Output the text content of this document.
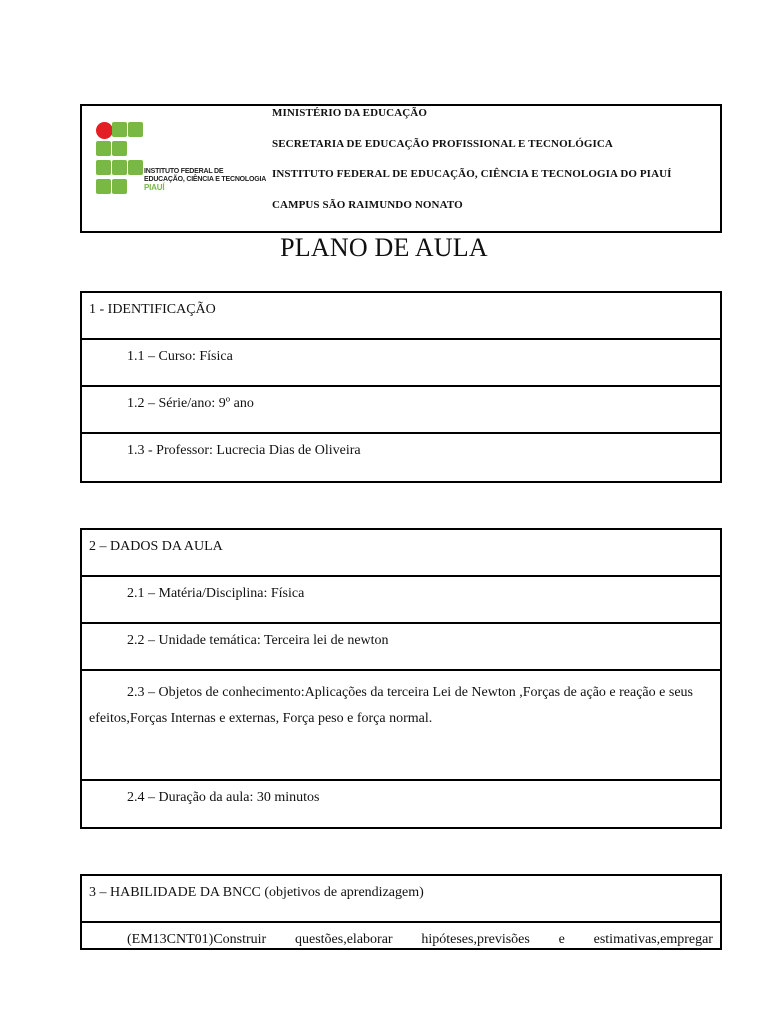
INSTITUTO FEDERAL DE
EDUCAÇÃO, CIÊNCIA E TECNOLOGIA
PIAUÍ
MINISTÉRIO DA EDUCAÇÃO
SECRETARIA DE EDUCAÇÃO PROFISSIONAL E TECNOLÓGICA
INSTITUTO FEDERAL DE EDUCAÇÃO, CIÊNCIA E TECNOLOGIA DO PIAUÍ
CAMPUS SÃO RAIMUNDO NONATO
PLANO DE AULA
1 - IDENTIFICAÇÃO
1.1 – Curso: Física
1.2 – Série/ano: 9º ano
1.3 - Professor: Lucrecia Dias de Oliveira
2 – DADOS DA AULA
2.1 – Matéria/Disciplina: Física
2.2 – Unidade temática: Terceira lei de newton
2.3 – Objetos de conhecimento:Aplicações da terceira Lei de Newton ,Forças de ação e reação e seus efeitos,Forças Internas e externas, Força peso e força normal.
2.4 – Duração da aula: 30 minutos
3 – HABILIDADE DA BNCC (objetivos de aprendizagem)
(EM13CNT01)Construir questões,elaborar hipóteses,previsões e estimativas,empregar
